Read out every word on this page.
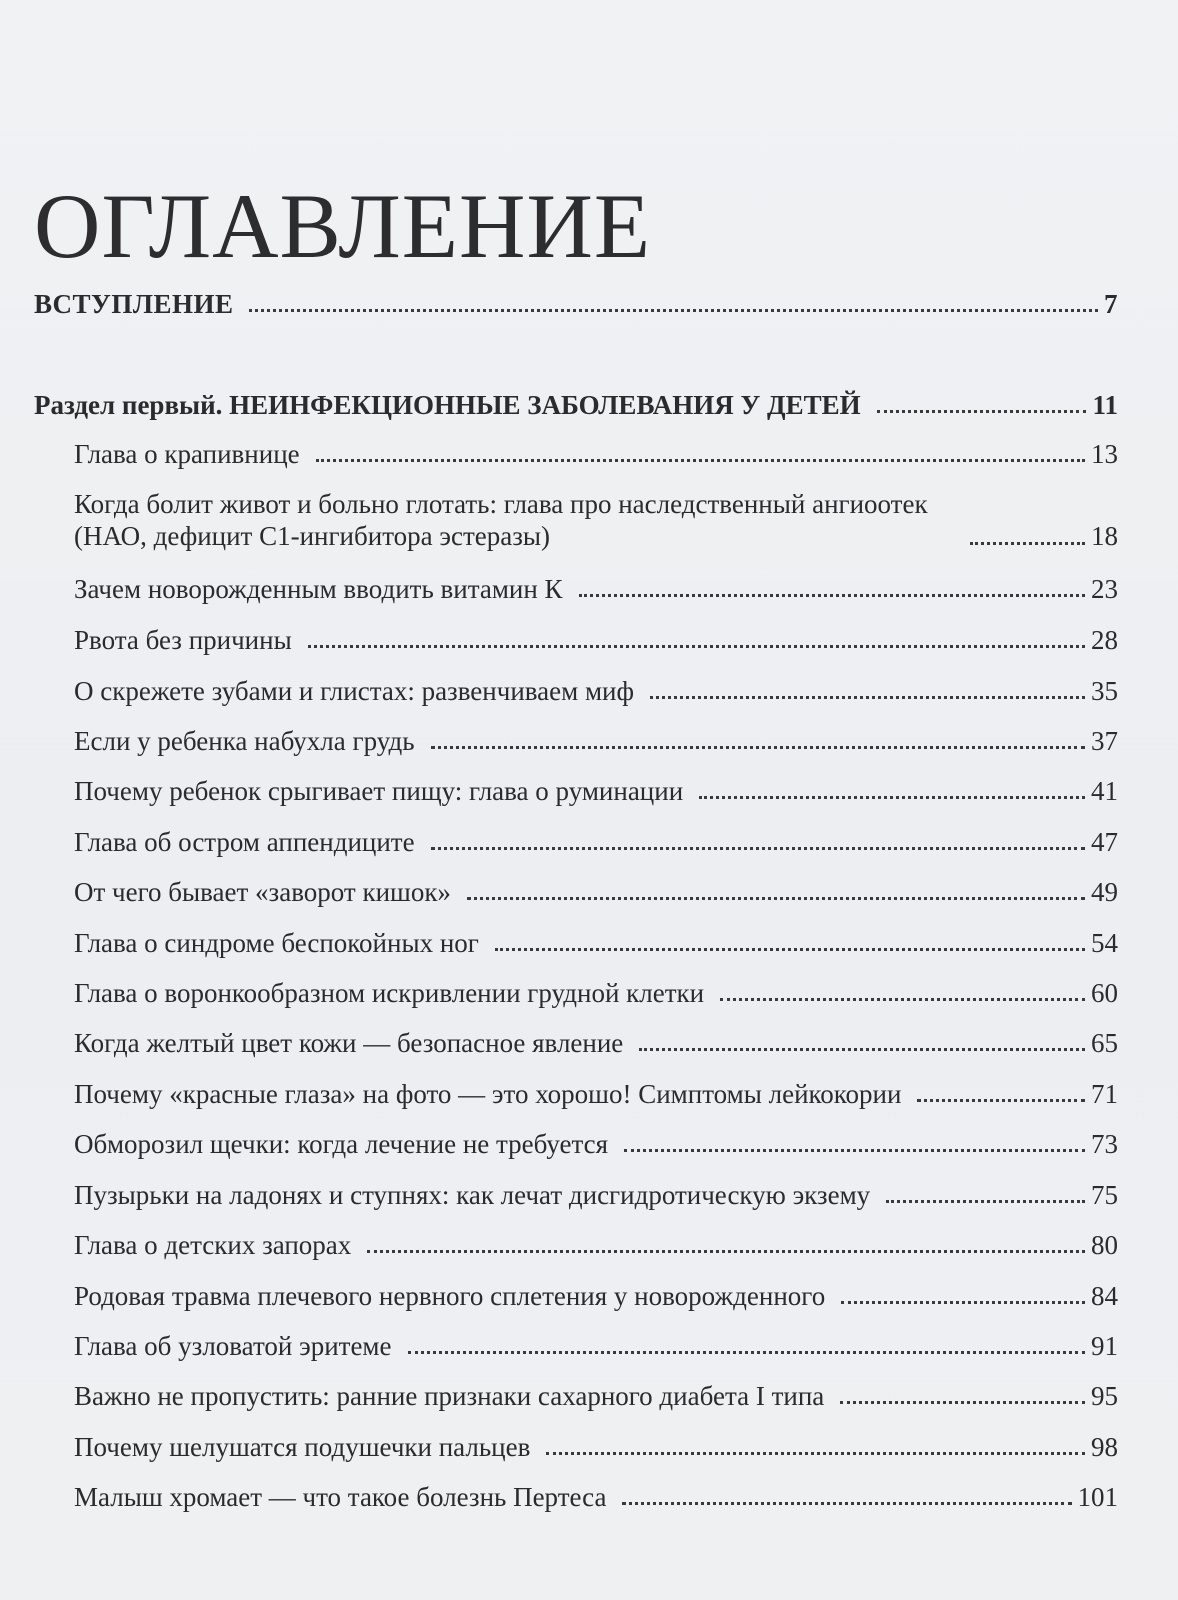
ОГЛАВЛЕНИЕ
ВСТУПЛЕНИЕ	7
Раздел первый. НЕИНФЕКЦИОННЫЕ ЗАБОЛЕВАНИЯ У ДЕТЕЙ	11
Глава о крапивнице	13
Когда болит живот и больно глотать: глава про наследственный ангиоотек (НАО, дефицит С1-ингибитора эстеразы)	18
Зачем новорожденным вводить витамин К	23
Рвота без причины	28
О скрежете зубами и глистах: развенчиваем миф	35
Если у ребенка набухла грудь	37
Почему ребенок срыгивает пищу: глава о руминации	41
Глава об остром аппендиците	47
От чего бывает «заворот кишок»	49
Глава о синдроме беспокойных ног	54
Глава о воронкообразном искривлении грудной клетки	60
Когда желтый цвет кожи — безопасное явление	65
Почему «красные глаза» на фото — это хорошо! Симптомы лейкокории	71
Обморозил щечки: когда лечение не требуется	73
Пузырьки на ладонях и ступнях: как лечат дисгидротическую экзему	75
Глава о детских запорах	80
Родовая травма плечевого нервного сплетения у новорожденного	84
Глава об узловатой эритеме	91
Важно не пропустить: ранние признаки сахарного диабета I типа	95
Почему шелушатся подушечки пальцев	98
Малыш хромает — что такое болезнь Пертеса	101
